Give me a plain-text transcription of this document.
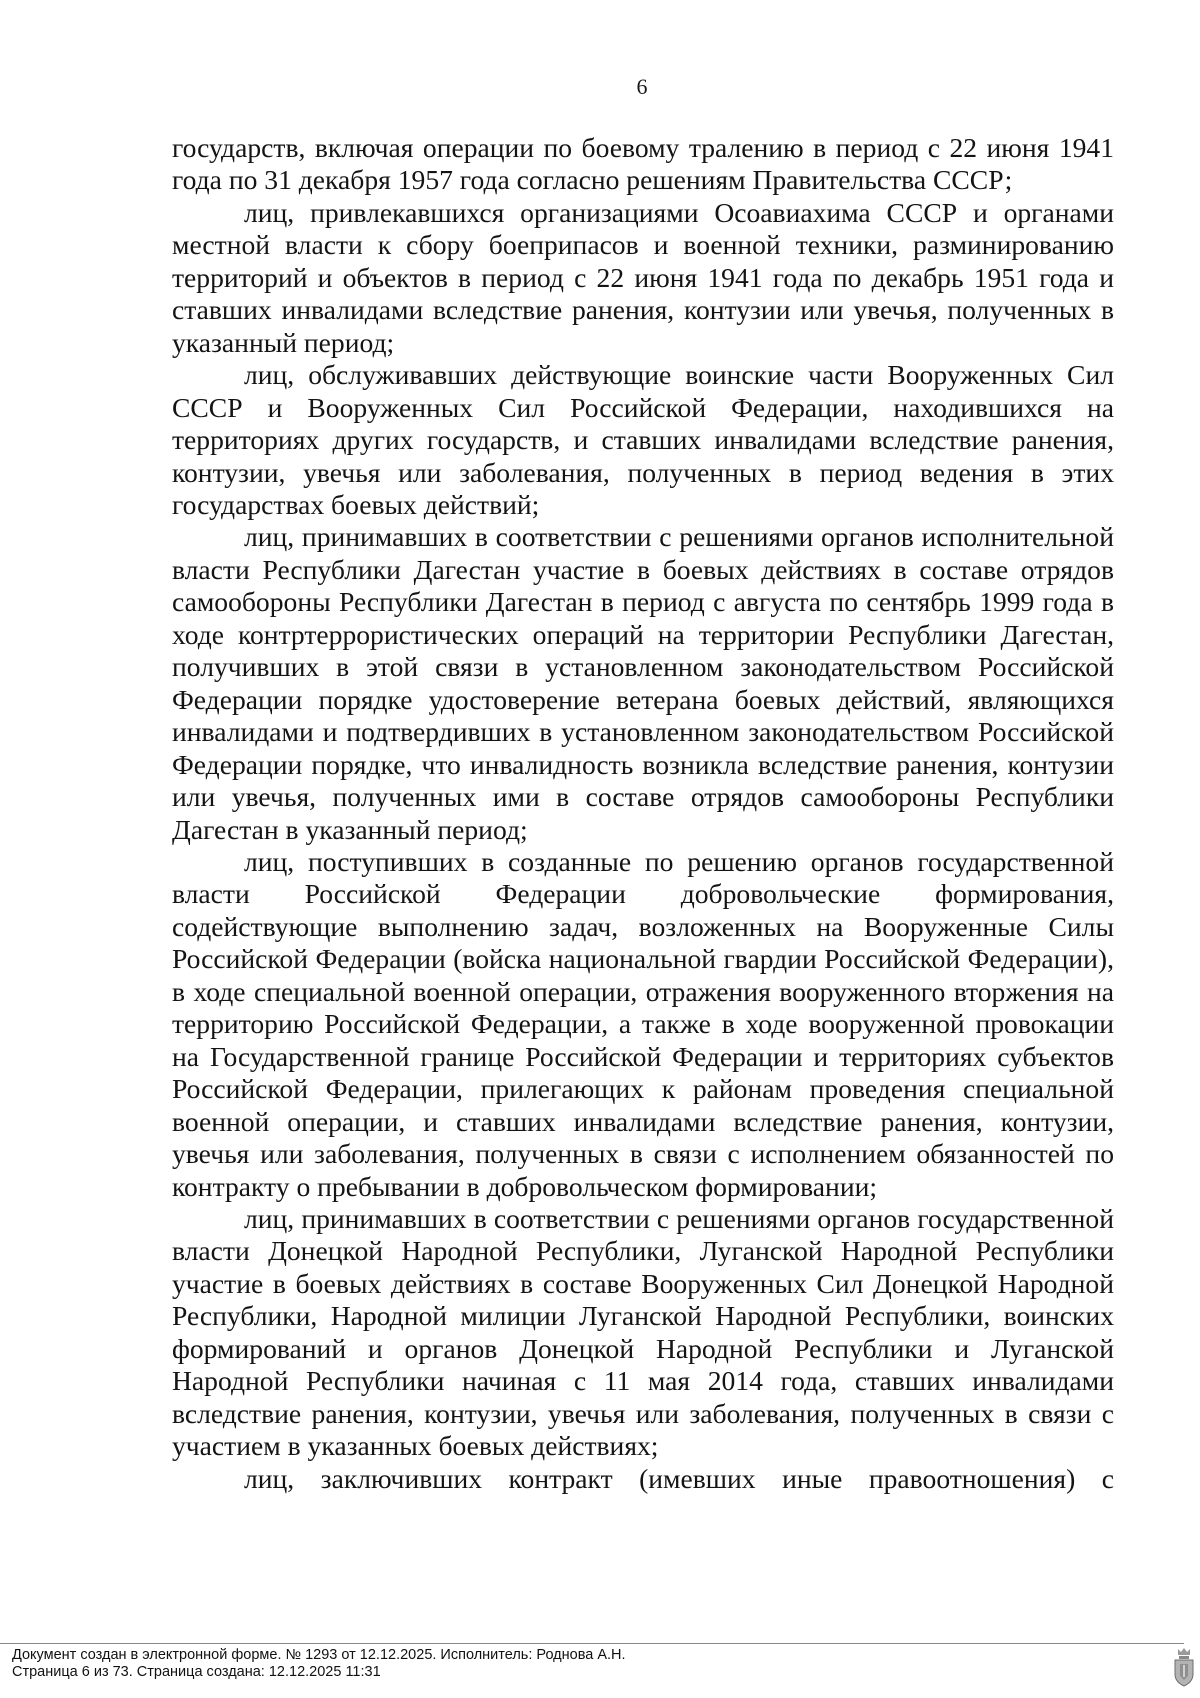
6

государств, включая операции по боевому тралению в период с 22 июня 1941 года по 31 декабря 1957 года согласно решениям Правительства СССР;

лиц, привлекавшихся организациями Осоавиахима СССР и органами местной власти к сбору боеприпасов и военной техники, разминированию территорий и объектов в период с 22 июня 1941 года по декабрь 1951 года и ставших инвалидами вследствие ранения, контузии или увечья, полученных в указанный период;

лиц, обслуживавших действующие воинские части Вооруженных Сил СССР и Вооруженных Сил Российской Федерации, находившихся на территориях других государств, и ставших инвалидами вследствие ранения, контузии, увечья или заболевания, полученных в период ведения в этих государствах боевых действий;

лиц, принимавших в соответствии с решениями органов исполнительной власти Республики Дагестан участие в боевых действиях в составе отрядов самообороны Республики Дагестан в период с августа по сентябрь 1999 года в ходе контртеррористических операций на территории Республики Дагестан, получивших в этой связи в установленном законодательством Российской Федерации порядке удостоверение ветерана боевых действий, являющихся инвалидами и подтвердивших в установленном законодательством Российской Федерации порядке, что инвалидность возникла вследствие ранения, контузии или увечья, полученных ими в составе отрядов самообороны Республики Дагестан в указанный период;

лиц, поступивших в созданные по решению органов государственной власти Российской Федерации добровольческие формирования, содействующие выполнению задач, возложенных на Вооруженные Силы Российской Федерации (войска национальной гвардии Российской Федерации), в ходе специальной военной операции, отражения вооруженного вторжения на территорию Российской Федерации, а также в ходе вооруженной провокации на Государственной границе Российской Федерации и территориях субъектов Российской Федерации, прилегающих к районам проведения специальной военной операции, и ставших инвалидами вследствие ранения, контузии, увечья или заболевания, полученных в связи с исполнением обязанностей по контракту о пребывании в добровольческом формировании;

лиц, принимавших в соответствии с решениями органов государственной власти Донецкой Народной Республики, Луганской Народной Республики участие в боевых действиях в составе Вооруженных Сил Донецкой Народной Республики, Народной милиции Луганской Народной Республики, воинских формирований и органов Донецкой Народной Республики и Луганской Народной Республики начиная с 11 мая 2014 года, ставших инвалидами вследствие ранения, контузии, увечья или заболевания, полученных в связи с участием в указанных боевых действиях;

лиц, заключивших контракт (имевших иные правоотношения) с

Документ создан в электронной форме. № 1293 от 12.12.2025. Исполнитель: Роднова А.Н.
Страница 6 из 73. Страница создана: 12.12.2025 11:31
